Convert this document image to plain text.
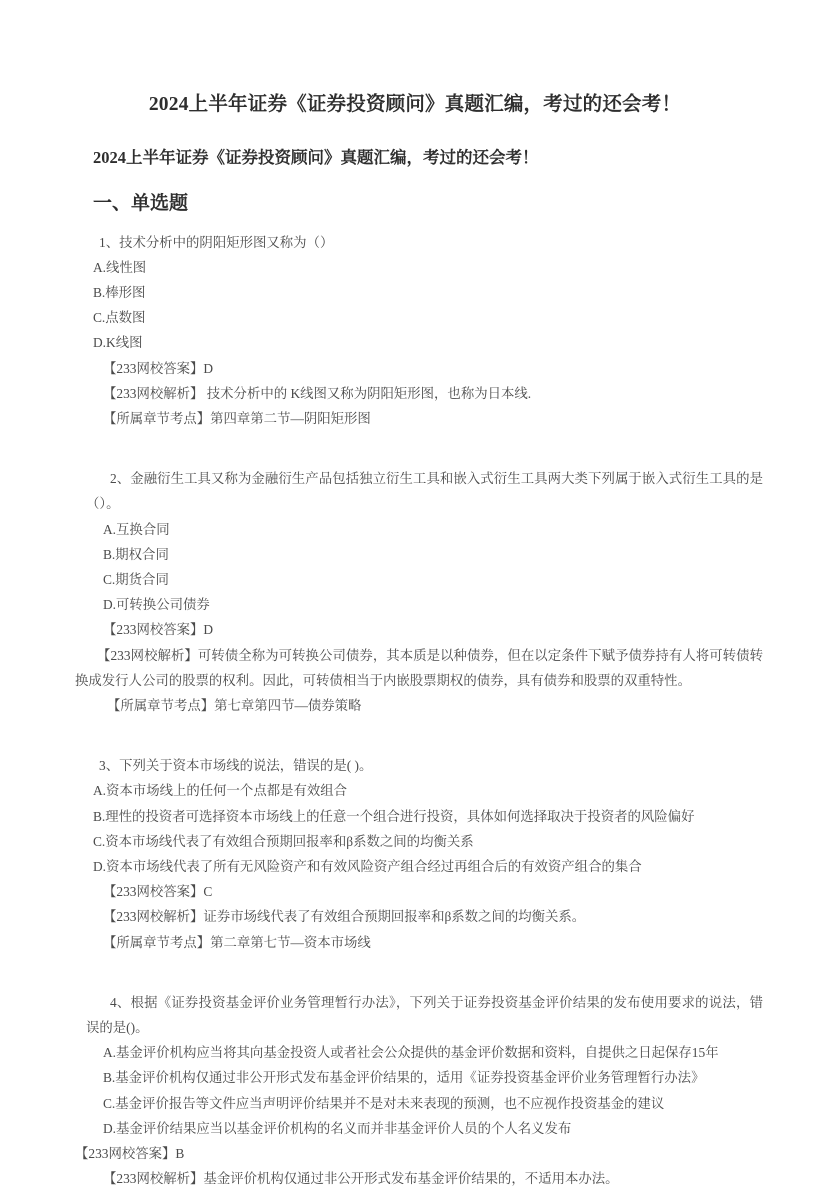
2024上半年证券《证券投资顾问》真题汇编，考过的还会考！
2024上半年证券《证券投资顾问》真题汇编，考过的还会考！
一、单选题

1、技术分析中的阴阳矩形图又称为（）

A.线性图

B.棒形图

C.点数图

D.K线图

【233网校答案】D

【233网校解析】 技术分析中的 K线图又称为阴阳矩形图，也称为日本线.

【所属章节考点】第四章第二节—阴阳矩形图

2、金融衍生工具又称为金融衍生产品包括独立衍生工具和嵌入式衍生工具两大类下列属于嵌入式衍生工具的是（）。

A.互换合同

B.期权合同

C.期货合同

D.可转换公司债券

【233网校答案】D

【233网校解析】可转债全称为可转换公司债券，其本质是以种债券，但在以定条件下赋予债券持有人将可转债转换成发行人公司的股票的权利。因此，可转债相当于内嵌股票期权的债券，具有债券和股票的双重特性。

【所属章节考点】第七章第四节—债券策略

3、下列关于资本市场线的说法，错误的是( )。

A.资本市场线上的任何一个点都是有效组合

B.理性的投资者可选择资本市场线上的任意一个组合进行投资，具体如何选择取决于投资者的风险偏好

C.资本市场线代表了有效组合预期回报率和β系数之间的均衡关系

D.资本市场线代表了所有无风险资产和有效风险资产组合经过再组合后的有效资产组合的集合

【233网校答案】C

【233网校解析】证券市场线代表了有效组合预期回报率和β系数之间的均衡关系。

【所属章节考点】第二章第七节—资本市场线

4、根据《证券投资基金评价业务管理暂行办法》，下列关于证券投资基金评价结果的发布使用要求的说法，错误的是()。

A.基金评价机构应当将其向基金投资人或者社会公众提供的基金评价数据和资料，自提供之日起保存15年

B.基金评价机构仅通过非公开形式发布基金评价结果的，适用《证券投资基金评价业务管理暂行办法》

C.基金评价报告等文件应当声明评价结果并不是对未来表现的预测，也不应视作投资基金的建议

D.基金评价结果应当以基金评价机构的名义而并非基金评价人员的个人名义发布

【233网校答案】B

【233网校解析】基金评价机构仅通过非公开形式发布基金评价结果的，不适用本办法。
